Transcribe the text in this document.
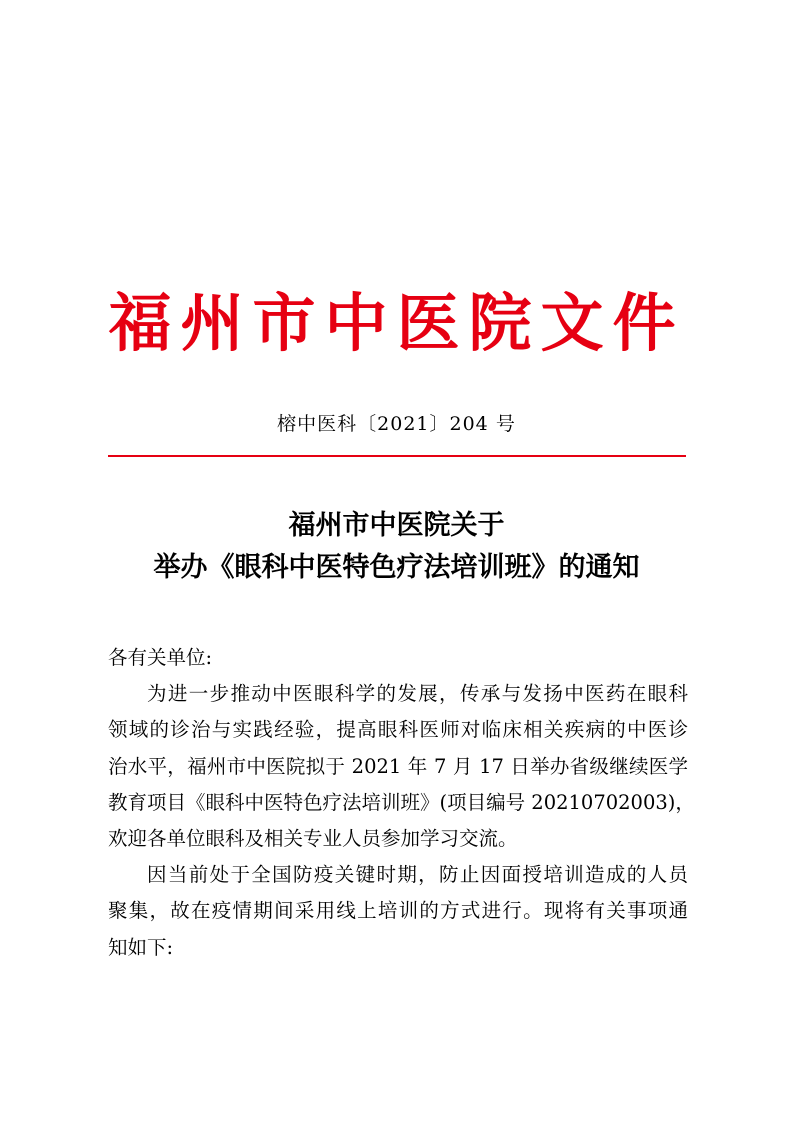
福州市中医院文件
榕中医科〔2021〕204 号
福州市中医院关于
举办《眼科中医特色疗法培训班》的通知
各有关单位:
为进一步推动中医眼科学的发展，传承与发扬中医药在眼科
领域的诊治与实践经验，提高眼科医师对临床相关疾病的中医诊
治水平，福州市中医院拟于 2021 年 7 月 17 日举办省级继续医学
教育项目《眼科中医特色疗法培训班》(项目编号 20210702003)，
欢迎各单位眼科及相关专业人员参加学习交流。
因当前处于全国防疫关键时期，防止因面授培训造成的人员
聚集，故在疫情期间采用线上培训的方式进行。现将有关事项通
知如下:
